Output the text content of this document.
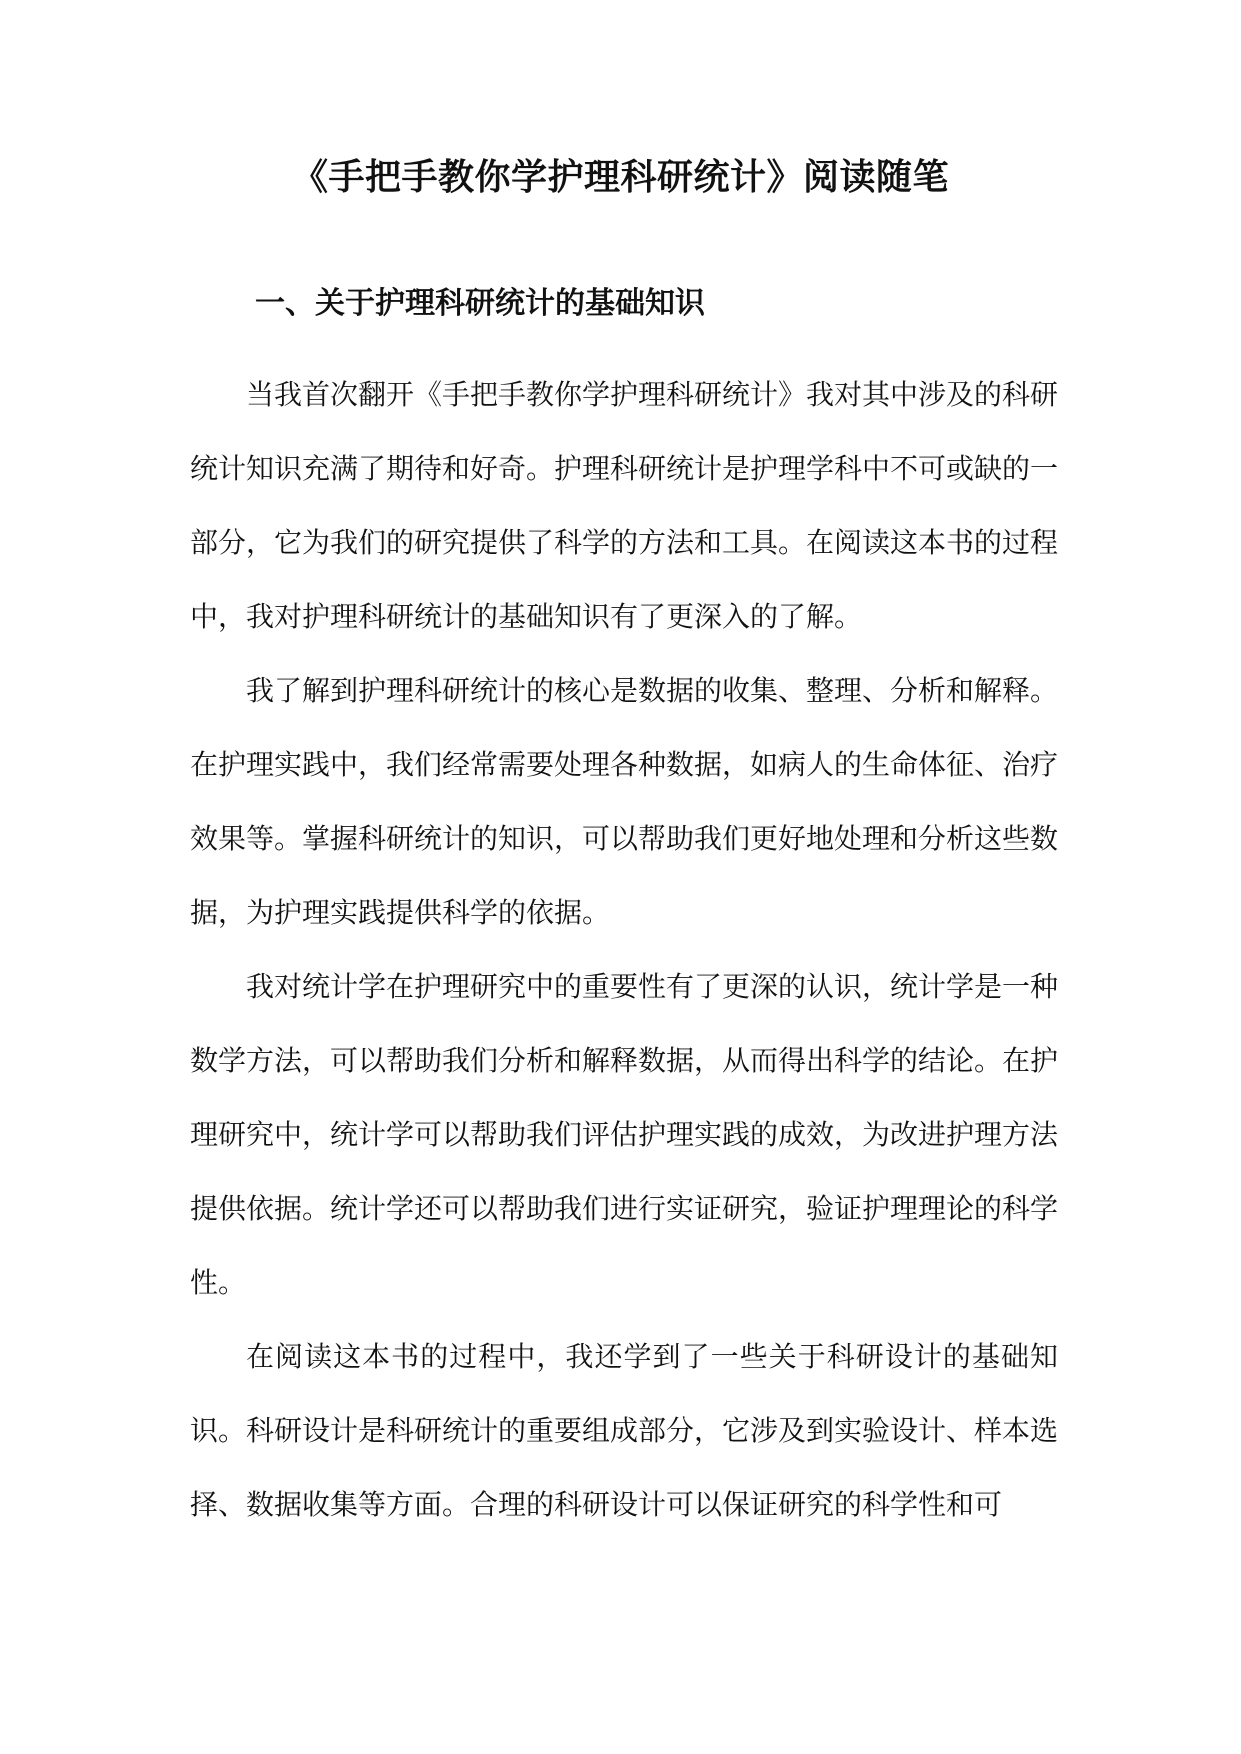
《手把手教你学护理科研统计》阅读随笔
一、关于护理科研统计的基础知识

当我首次翻开《手把手教你学护理科研统计》我对其中涉及的科研统计知识充满了期待和好奇。护理科研统计是护理学科中不可或缺的一部分，它为我们的研究提供了科学的方法和工具。在阅读这本书的过程中，我对护理科研统计的基础知识有了更深入的了解。

我了解到护理科研统计的核心是数据的收集、整理、分析和解释。在护理实践中，我们经常需要处理各种数据，如病人的生命体征、治疗效果等。掌握科研统计的知识，可以帮助我们更好地处理和分析这些数据，为护理实践提供科学的依据。

我对统计学在护理研究中的重要性有了更深的认识，统计学是一种数学方法，可以帮助我们分析和解释数据，从而得出科学的结论。在护理研究中，统计学可以帮助我们评估护理实践的成效，为改进护理方法提供依据。统计学还可以帮助我们进行实证研究，验证护理理论的科学性。

在阅读这本书的过程中，我还学到了一些关于科研设计的基础知识。科研设计是科研统计的重要组成部分，它涉及到实验设计、样本选择、数据收集等方面。合理的科研设计可以保证研究的科学性和可
